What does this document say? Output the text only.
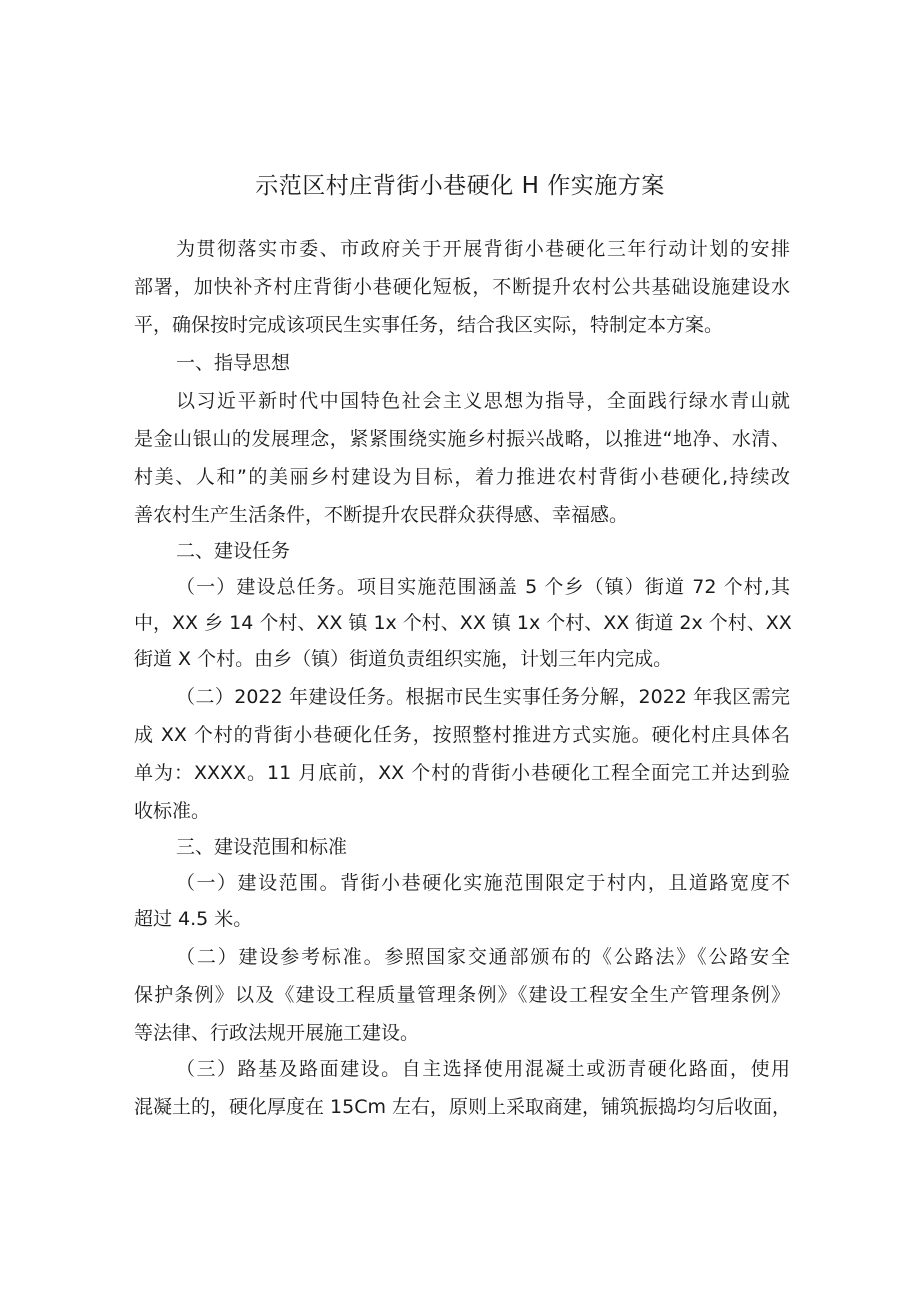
示范区村庄背街小巷硬化 H 作实施方案

为贯彻落实市委、市政府关于开展背街小巷硬化三年行动计划的安排

部署，加快补齐村庄背街小巷硬化短板，不断提升农村公共基础设施建设水

平，确保按时完成该项民生实事任务，结合我区实际，特制定本方案。

一、指导思想

以习近平新时代中国特色社会主义思想为指导，全面践行绿水青山就

是金山银山的发展理念，紧紧围绕实施乡村振兴战略，以推进“地净、水清、

村美、人和”的美丽乡村建设为目标，着力推进农村背街小巷硬化,持续改

善农村生产生活条件，不断提升农民群众获得感、幸福感。

二、建设任务

（一）建设总任务。项目实施范围涵盖 5 个乡（镇）街道 72 个村,其

中，XX 乡 14 个村、XX 镇 1x 个村、XX 镇 1x 个村、XX 街道 2x 个村、XX

街道 X 个村。由乡（镇）街道负责组织实施，计划三年内完成。

（二）2022 年建设任务。根据市民生实事任务分解，2022 年我区需完

成 XX 个村的背街小巷硬化任务，按照整村推进方式实施。硬化村庄具体名

单为：XXXX。11 月底前，XX 个村的背街小巷硬化工程全面完工并达到验

收标准。

三、建设范围和标准

（一）建设范围。背街小巷硬化实施范围限定于村内，且道路宽度不

超过 4.5 米。

（二）建设参考标准。参照国家交通部颁布的《公路法》《公路安全

保护条例》以及《建设工程质量管理条例》《建设工程安全生产管理条例》

等法律、行政法规开展施工建设。

（三）路基及路面建设。自主选择使用混凝土或沥青硬化路面，使用

混凝土的，硬化厚度在 15Cm 左右，原则上采取商建，铺筑振捣均匀后收面，
